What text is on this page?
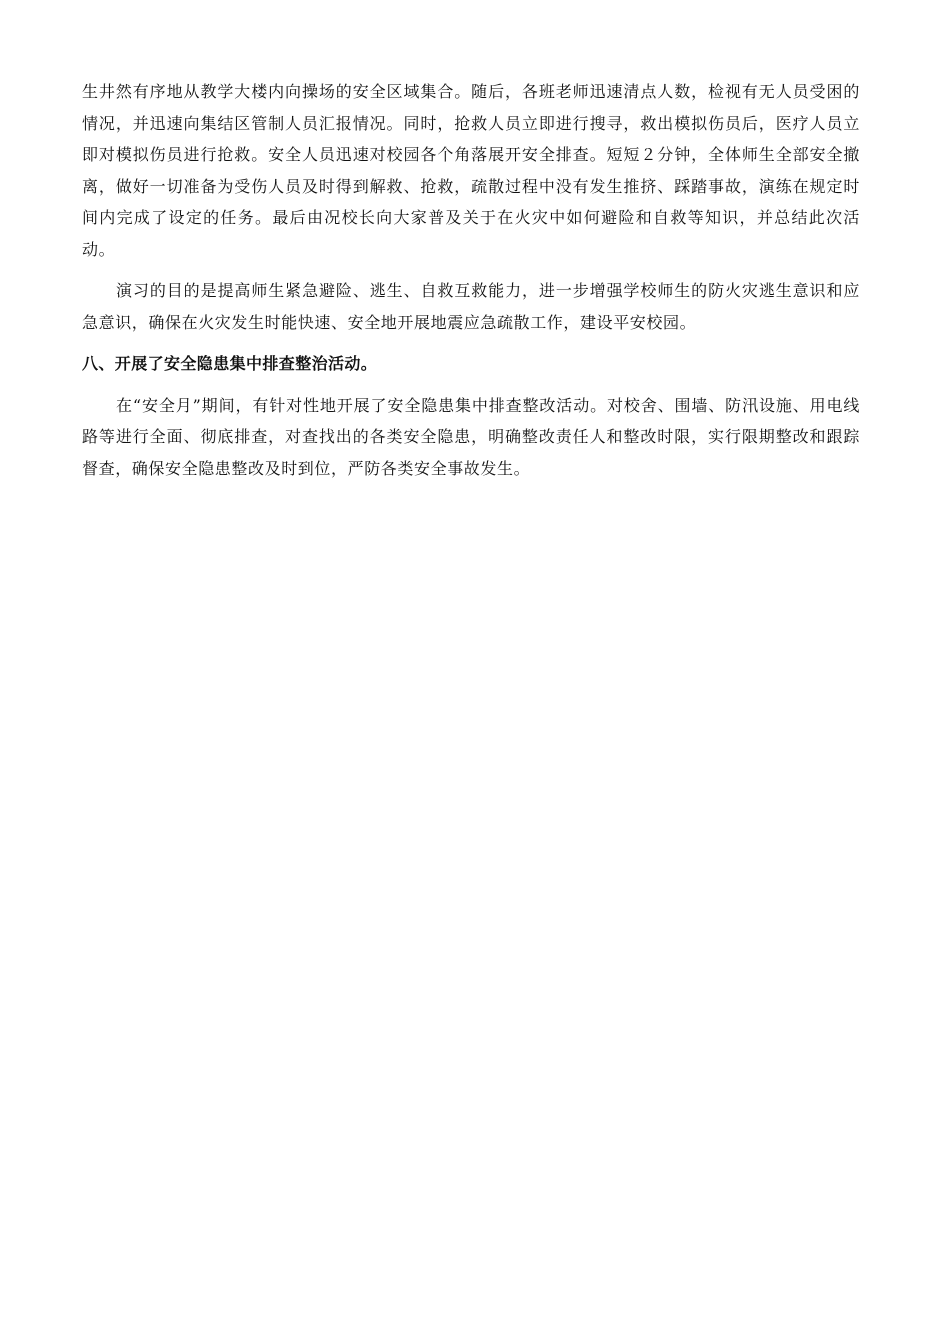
生井然有序地从教学大楼内向操场的安全区域集合。随后，各班老师迅速清点人数，检视有无人员受困的情况，并迅速向集结区管制人员汇报情况。同时，抢救人员立即进行搜寻，救出模拟伤员后，医疗人员立即对模拟伤员进行抢救。安全人员迅速对校园各个角落展开安全排查。短短２分钟，全体师生全部安全撤离，做好一切准备为受伤人员及时得到解救、抢救，疏散过程中没有发生推挤、踩踏事故，演练在规定时间内完成了设定的任务。最后由况校长向大家普及关于在火灾中如何避险和自救等知识，并总结此次活动。

演习的目的是提高师生紧急避险、逃生、自救互救能力，进一步增强学校师生的防火灾逃生意识和应急意识，确保在火灾发生时能快速、安全地开展地震应急疏散工作，建设平安校园。

八、开展了安全隐患集中排查整治活动。

在“安全月”期间，有针对性地开展了安全隐患集中排查整改活动。对校舍、围墙、防汛设施、用电线路等进行全面、彻底排查，对查找出的各类安全隐患，明确整改责任人和整改时限，实行限期整改和跟踪督查，确保安全隐患整改及时到位，严防各类安全事故发生。
